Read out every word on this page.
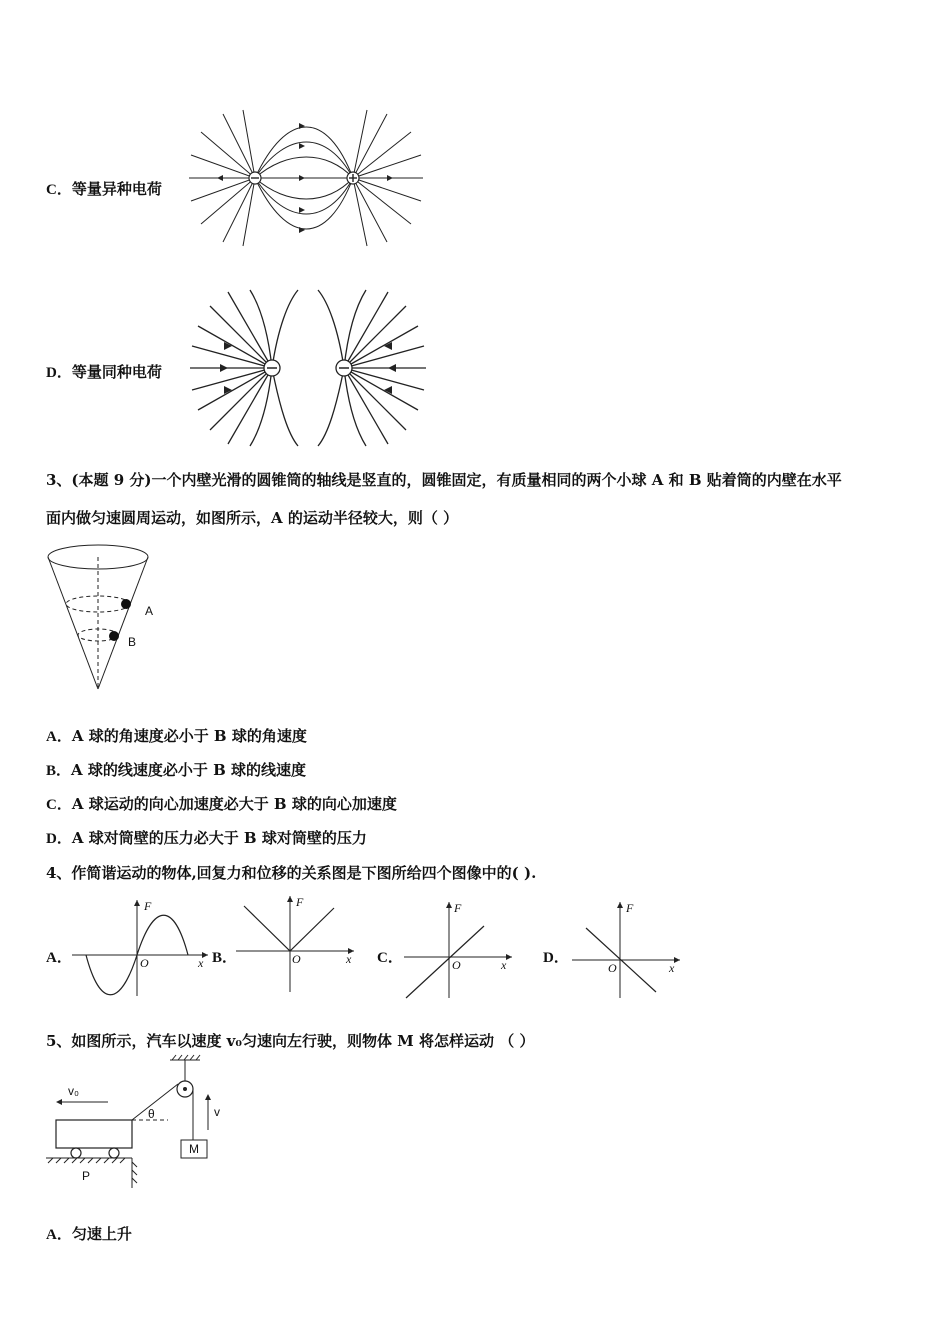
C．等量异种电荷
D．等量同种电荷
3、(本题 9 分)一个内壁光滑的圆锥筒的轴线是竖直的，圆锥固定，有质量相同的两个小球 A 和 B 贴着筒的内壁在水平
面内做匀速圆周运动，如图所示，A 的运动半径较大，则（ ）
A
B
A．A 球的角速度必小于 B 球的角速度
B．A 球的线速度必小于 B 球的线速度
C．A 球运动的向心加速度必大于 B 球的向心加速度
D．A 球对筒壁的压力必大于 B 球对筒壁的压力
4、作简谐运动的物体,回复力和位移的关系图是下图所给四个图像中的( ).
A．
F
O	x B．
F
O	x C．
F
O	x D．
F
O	x
5、如图所示，汽车以速度 v₀匀速向左行驶，则物体 M 将怎样运动 （ ）
θ
M
v
P
v₀
A．匀速上升
